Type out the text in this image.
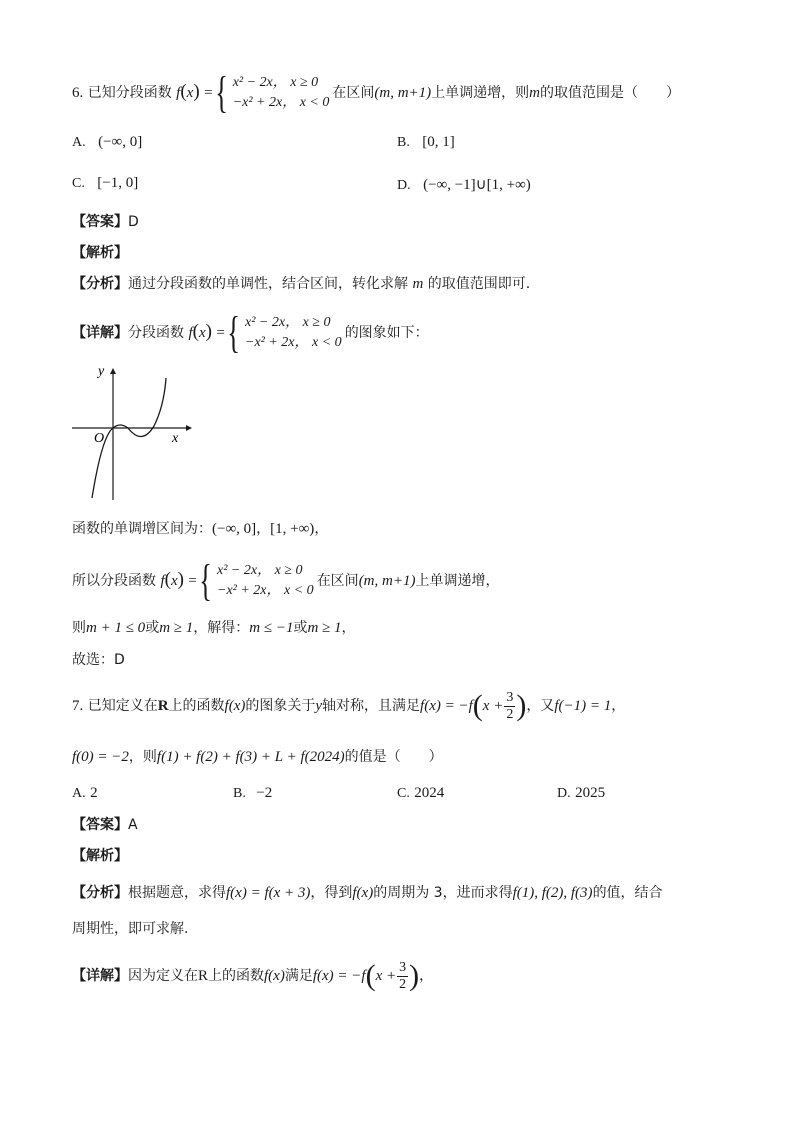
6. 已知分段函数 f(x) ={ x² − 2x， x ≥ 0
−x² + 2x， x < 0
在区间(m, m+1)上单调递增，则m的取值范围是（　　）
A. (−∞, 0]	B. [0, 1]
C. [−1, 0]	D. (−∞, −1]∪[1, +∞)
【答案】D
【解析】
【分析】通过分段函数的单调性，结合区间，转化求解 m 的取值范围即可.
【详解】分段函数 f(x) ={ x² − 2x， x ≥ 0
−x² + 2x， x < 0
的图象如下：
y
x
O
函数的单调增区间为：(−∞, 0]，[1, +∞)，
所以分段函数 f(x) ={ x² − 2x， x ≥ 0
−x² + 2x， x < 0
在区间(m, m+1)上单调递增，
则m + 1 ≤ 0或m ≥ 1，解得：m ≤ −1或m ≥ 1，
故选：D
7. 已知定义在R上的函数f(x)的图象关于y轴对称，且满足$f(x) = -f(x + \frac{3}{2}$ )，又f(−1) = 1，
f(0) = −2，则f(1) + f(2) + f(3) + L + f(2024)的值是（　　）
A. 2	B. −2	C. 2024	D. 2025
【答案】A
【解析】
【分析】根据题意，求得f(x) = f(x + 3)，得到f(x)的周期为 3，进而求得f(1), f(2), f(3)的值，结合
周期性，即可求解.
【详解】因为定义在R上的函数f(x)满足$f(x) = -f(x + \frac{3}{2}$ )，
